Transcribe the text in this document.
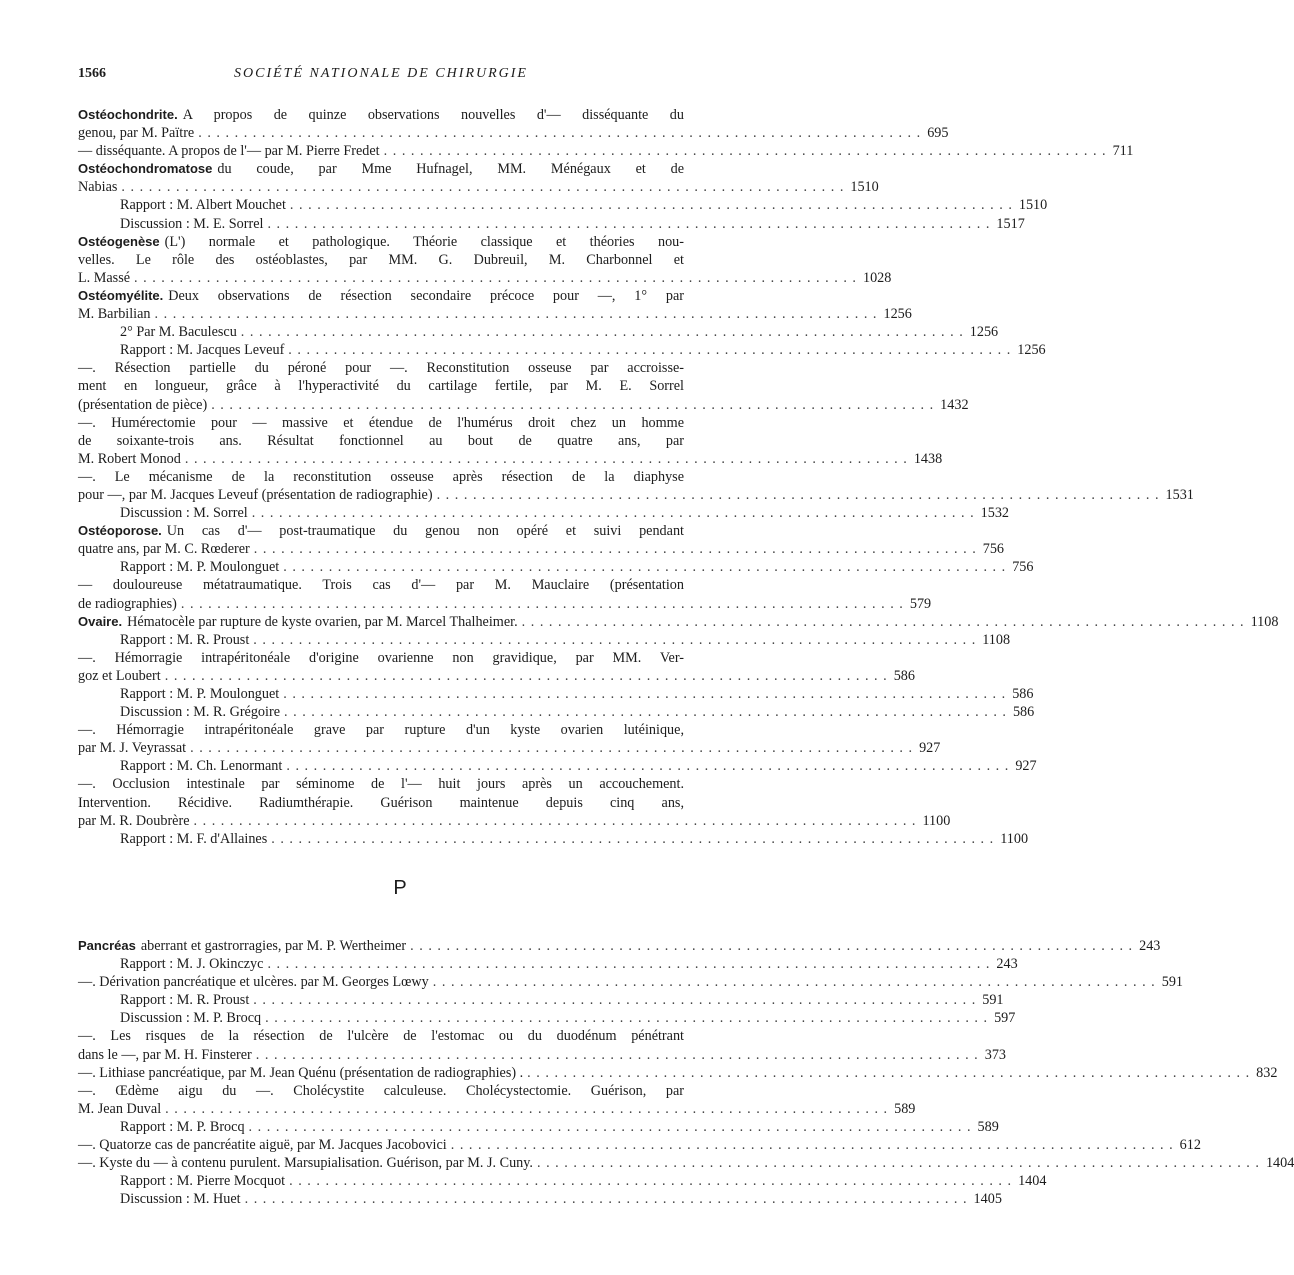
1566	SOCIÉTÉ NATIONALE DE CHIRURGIE
Ostéochondrite. A propos de quinze observations nouvelles d'— disséquante du
genou, par M. Païtre . . . . . . . . . . . . . . . . . . . . . . . . . . . . . . . . . . . . . . . . . . . . . . . . . . . . . . . . . . . . . . . . . . . . . . . . . . . . . . . . 695
— disséquante. A propos de l'— par M. Pierre Fredet . . . . . . . . . . . . . . . . . . . . . . . . . . . . . . . . . . . . . . . . . . . . . . . . . . . . . . . . . . . . . . . . . . . . . . . . . . . . . . . . 711
Ostéochondromatose du coude, par Mme Hufnagel, MM. Ménégaux et de
Nabias . . . . . . . . . . . . . . . . . . . . . . . . . . . . . . . . . . . . . . . . . . . . . . . . . . . . . . . . . . . . . . . . . . . . . . . . . . . . . . . . 1510
Rapport : M. Albert Mouchet . . . . . . . . . . . . . . . . . . . . . . . . . . . . . . . . . . . . . . . . . . . . . . . . . . . . . . . . . . . . . . . . . . . . . . . . . . . . . . . . 1510
Discussion : M. E. Sorrel . . . . . . . . . . . . . . . . . . . . . . . . . . . . . . . . . . . . . . . . . . . . . . . . . . . . . . . . . . . . . . . . . . . . . . . . . . . . . . . . 1517
Ostéogenèse (L') normale et pathologique. Théorie classique et théories nou-
velles. Le rôle des ostéoblastes, par MM. G. Dubreuil, M. Charbonnel et
L. Massé . . . . . . . . . . . . . . . . . . . . . . . . . . . . . . . . . . . . . . . . . . . . . . . . . . . . . . . . . . . . . . . . . . . . . . . . . . . . . . . . 1028
Ostéomyélite. Deux observations de résection secondaire précoce pour —, 1° par
M. Barbilian . . . . . . . . . . . . . . . . . . . . . . . . . . . . . . . . . . . . . . . . . . . . . . . . . . . . . . . . . . . . . . . . . . . . . . . . . . . . . . . . 1256
2° Par M. Baculescu . . . . . . . . . . . . . . . . . . . . . . . . . . . . . . . . . . . . . . . . . . . . . . . . . . . . . . . . . . . . . . . . . . . . . . . . . . . . . . . . 1256
Rapport : M. Jacques Leveuf . . . . . . . . . . . . . . . . . . . . . . . . . . . . . . . . . . . . . . . . . . . . . . . . . . . . . . . . . . . . . . . . . . . . . . . . . . . . . . . . 1256
—. Résection partielle du péroné pour —. Reconstitution osseuse par accroisse-
ment en longueur, grâce à l'hyperactivité du cartilage fertile, par M. E. Sorrel
(présentation de pièce) . . . . . . . . . . . . . . . . . . . . . . . . . . . . . . . . . . . . . . . . . . . . . . . . . . . . . . . . . . . . . . . . . . . . . . . . . . . . . . . . 1432
—. Humérectomie pour — massive et étendue de l'humérus droit chez un homme
de soixante-trois ans. Résultat fonctionnel au bout de quatre ans, par
M. Robert Monod . . . . . . . . . . . . . . . . . . . . . . . . . . . . . . . . . . . . . . . . . . . . . . . . . . . . . . . . . . . . . . . . . . . . . . . . . . . . . . . . 1438
—. Le mécanisme de la reconstitution osseuse après résection de la diaphyse
pour —, par M. Jacques Leveuf (présentation de radiographie) . . . . . . . . . . . . . . . . . . . . . . . . . . . . . . . . . . . . . . . . . . . . . . . . . . . . . . . . . . . . . . . . . . . . . . . . . . . . . . . . 1531
Discussion : M. Sorrel . . . . . . . . . . . . . . . . . . . . . . . . . . . . . . . . . . . . . . . . . . . . . . . . . . . . . . . . . . . . . . . . . . . . . . . . . . . . . . . . 1532
Ostéoporose. Un cas d'— post-traumatique du genou non opéré et suivi pendant
quatre ans, par M. C. Rœderer . . . . . . . . . . . . . . . . . . . . . . . . . . . . . . . . . . . . . . . . . . . . . . . . . . . . . . . . . . . . . . . . . . . . . . . . . . . . . . . . 756
Rapport : M. P. Moulonguet . . . . . . . . . . . . . . . . . . . . . . . . . . . . . . . . . . . . . . . . . . . . . . . . . . . . . . . . . . . . . . . . . . . . . . . . . . . . . . . . 756
— douloureuse métatraumatique. Trois cas d'— par M. Mauclaire (présentation
de radiographies) . . . . . . . . . . . . . . . . . . . . . . . . . . . . . . . . . . . . . . . . . . . . . . . . . . . . . . . . . . . . . . . . . . . . . . . . . . . . . . . . 579
Ovaire. Hématocèle par rupture de kyste ovarien, par M. Marcel Thalheimer. . . . . . . . . . . . . . . . . . . . . . . . . . . . . . . . . . . . . . . . . . . . . . . . . . . . . . . . . . . . . . . . . . . . . . . . . . . . . . . . . 1108
Rapport : M. R. Proust . . . . . . . . . . . . . . . . . . . . . . . . . . . . . . . . . . . . . . . . . . . . . . . . . . . . . . . . . . . . . . . . . . . . . . . . . . . . . . . . 1108
—. Hémorragie intrapéritonéale d'origine ovarienne non gravidique, par MM. Ver-
goz et Loubert . . . . . . . . . . . . . . . . . . . . . . . . . . . . . . . . . . . . . . . . . . . . . . . . . . . . . . . . . . . . . . . . . . . . . . . . . . . . . . . . 586
Rapport : M. P. Moulonguet . . . . . . . . . . . . . . . . . . . . . . . . . . . . . . . . . . . . . . . . . . . . . . . . . . . . . . . . . . . . . . . . . . . . . . . . . . . . . . . . 586
Discussion : M. R. Grégoire . . . . . . . . . . . . . . . . . . . . . . . . . . . . . . . . . . . . . . . . . . . . . . . . . . . . . . . . . . . . . . . . . . . . . . . . . . . . . . . . 586
—. Hémorragie intrapéritonéale grave par rupture d'un kyste ovarien lutéinique,
par M. J. Veyrassat . . . . . . . . . . . . . . . . . . . . . . . . . . . . . . . . . . . . . . . . . . . . . . . . . . . . . . . . . . . . . . . . . . . . . . . . . . . . . . . . 927
Rapport : M. Ch. Lenormant . . . . . . . . . . . . . . . . . . . . . . . . . . . . . . . . . . . . . . . . . . . . . . . . . . . . . . . . . . . . . . . . . . . . . . . . . . . . . . . . 927
—. Occlusion intestinale par séminome de l'— huit jours après un accouchement.
Intervention. Récidive. Radiumthérapie. Guérison maintenue depuis cinq ans,
par M. R. Doubrère . . . . . . . . . . . . . . . . . . . . . . . . . . . . . . . . . . . . . . . . . . . . . . . . . . . . . . . . . . . . . . . . . . . . . . . . . . . . . . . . 1100
Rapport : M. F. d'Allaines . . . . . . . . . . . . . . . . . . . . . . . . . . . . . . . . . . . . . . . . . . . . . . . . . . . . . . . . . . . . . . . . . . . . . . . . . . . . . . . . 1100
P
Pancréas aberrant et gastrorragies, par M. P. Wertheimer . . . . . . . . . . . . . . . . . . . . . . . . . . . . . . . . . . . . . . . . . . . . . . . . . . . . . . . . . . . . . . . . . . . . . . . . . . . . . . . . 243
Rapport : M. J. Okinczyc . . . . . . . . . . . . . . . . . . . . . . . . . . . . . . . . . . . . . . . . . . . . . . . . . . . . . . . . . . . . . . . . . . . . . . . . . . . . . . . . 243
—. Dérivation pancréatique et ulcères. par M. Georges Lœwy . . . . . . . . . . . . . . . . . . . . . . . . . . . . . . . . . . . . . . . . . . . . . . . . . . . . . . . . . . . . . . . . . . . . . . . . . . . . . . . . 591
Rapport : M. R. Proust . . . . . . . . . . . . . . . . . . . . . . . . . . . . . . . . . . . . . . . . . . . . . . . . . . . . . . . . . . . . . . . . . . . . . . . . . . . . . . . . 591
Discussion : M. P. Brocq . . . . . . . . . . . . . . . . . . . . . . . . . . . . . . . . . . . . . . . . . . . . . . . . . . . . . . . . . . . . . . . . . . . . . . . . . . . . . . . . 597
—. Les risques de la résection de l'ulcère de l'estomac ou du duodénum pénétrant
dans le —, par M. H. Finsterer . . . . . . . . . . . . . . . . . . . . . . . . . . . . . . . . . . . . . . . . . . . . . . . . . . . . . . . . . . . . . . . . . . . . . . . . . . . . . . . . 373
—. Lithiase pancréatique, par M. Jean Quénu (présentation de radiographies) . . . . . . . . . . . . . . . . . . . . . . . . . . . . . . . . . . . . . . . . . . . . . . . . . . . . . . . . . . . . . . . . . . . . . . . . . . . . . . . . . 832
—. Œdème aigu du —. Cholécystite calculeuse. Cholécystectomie. Guérison, par
M. Jean Duval . . . . . . . . . . . . . . . . . . . . . . . . . . . . . . . . . . . . . . . . . . . . . . . . . . . . . . . . . . . . . . . . . . . . . . . . . . . . . . . . 589
Rapport : M. P. Brocq . . . . . . . . . . . . . . . . . . . . . . . . . . . . . . . . . . . . . . . . . . . . . . . . . . . . . . . . . . . . . . . . . . . . . . . . . . . . . . . . 589
—. Quatorze cas de pancréatite aiguë, par M. Jacques Jacobovici . . . . . . . . . . . . . . . . . . . . . . . . . . . . . . . . . . . . . . . . . . . . . . . . . . . . . . . . . . . . . . . . . . . . . . . . . . . . . . . . 612
—. Kyste du — à contenu purulent. Marsupialisation. Guérison, par M. J. Cuny. . . . . . . . . . . . . . . . . . . . . . . . . . . . . . . . . . . . . . . . . . . . . . . . . . . . . . . . . . . . . . . . . . . . . . . . . . . . . . . . . 1404
Rapport : M. Pierre Mocquot . . . . . . . . . . . . . . . . . . . . . . . . . . . . . . . . . . . . . . . . . . . . . . . . . . . . . . . . . . . . . . . . . . . . . . . . . . . . . . . . 1404
Discussion : M. Huet . . . . . . . . . . . . . . . . . . . . . . . . . . . . . . . . . . . . . . . . . . . . . . . . . . . . . . . . . . . . . . . . . . . . . . . . . . . . . . . . 1405
